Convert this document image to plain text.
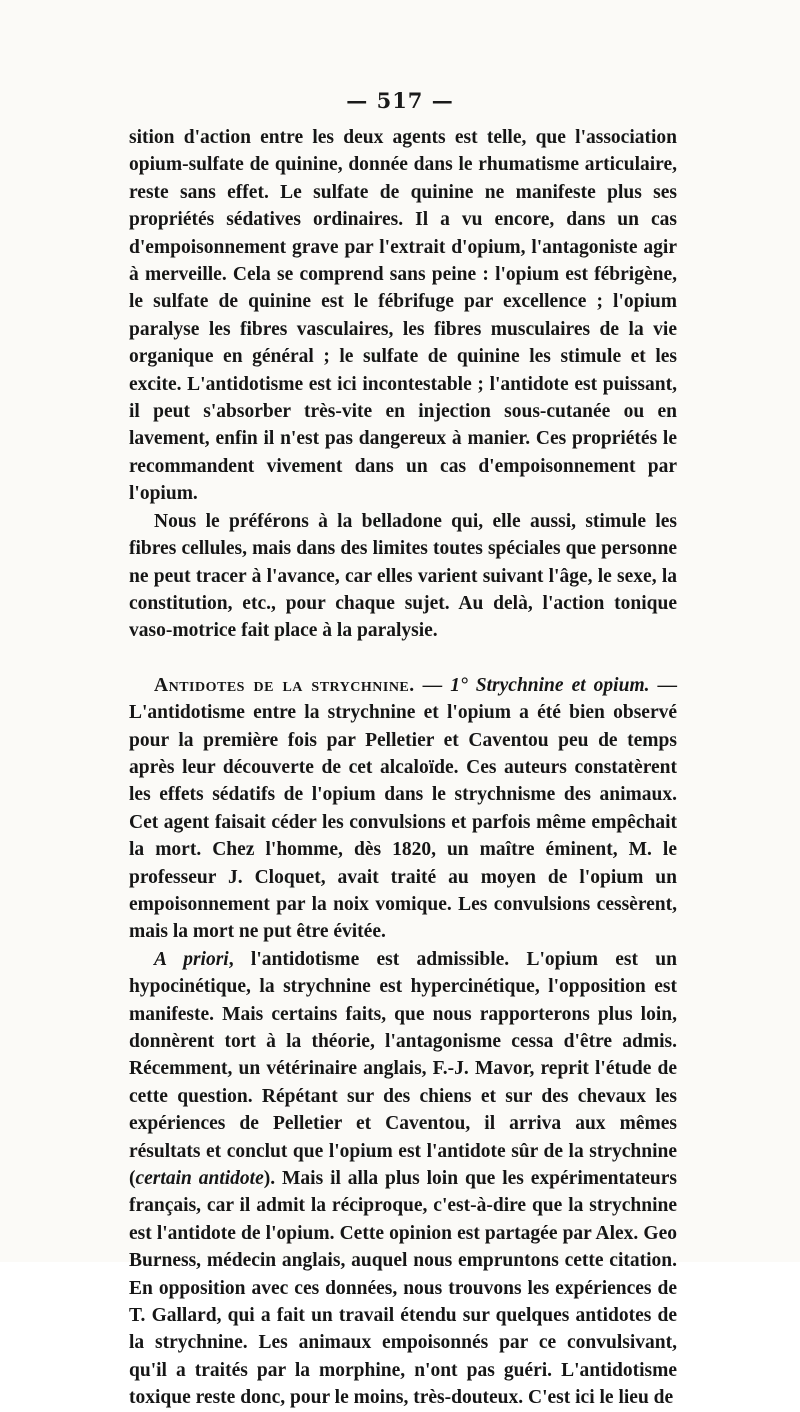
— 517 —

sition d'action entre les deux agents est telle, que l'association opium-sulfate de quinine, donnée dans le rhumatisme articulaire, reste sans effet. Le sulfate de quinine ne manifeste plus ses propriétés sédatives ordinaires. Il a vu encore, dans un cas d'empoisonnement grave par l'extrait d'opium, l'antagoniste agir à merveille. Cela se comprend sans peine : l'opium est fébrigène, le sulfate de quinine est le fébrifuge par excellence ; l'opium paralyse les fibres vasculaires, les fibres musculaires de la vie organique en général ; le sulfate de quinine les stimule et les excite. L'antidotisme est ici incontestable ; l'antidote est puissant, il peut s'absorber très-vite en injection sous-cutanée ou en lavement, enfin il n'est pas dangereux à manier. Ces propriétés le recommandent vivement dans un cas d'empoisonnement par l'opium.

Nous le préférons à la belladone qui, elle aussi, stimule les fibres cellules, mais dans des limites toutes spéciales que personne ne peut tracer à l'avance, car elles varient suivant l'âge, le sexe, la constitution, etc., pour chaque sujet. Au delà, l'action tonique vaso-motrice fait place à la paralysie.

Antidotes de la strychnine. — 1° Strychnine et opium. — L'antidotisme entre la strychnine et l'opium a été bien observé pour la première fois par Pelletier et Caventou peu de temps après leur découverte de cet alcaloïde. Ces auteurs constatèrent les effets sédatifs de l'opium dans le strychnisme des animaux. Cet agent faisait céder les convulsions et parfois même empêchait la mort. Chez l'homme, dès 1820, un maître éminent, M. le professeur J. Cloquet, avait traité au moyen de l'opium un empoisonnement par la noix vomique. Les convulsions cessèrent, mais la mort ne put être évitée.

A priori, l'antidotisme est admissible. L'opium est un hypocinétique, la strychnine est hypercinétique, l'opposition est manifeste. Mais certains faits, que nous rapporterons plus loin, donnèrent tort à la théorie, l'antagonisme cessa d'être admis. Récemment, un vétérinaire anglais, F.-J. Mavor, reprit l'étude de cette question. Répétant sur des chiens et sur des chevaux les expériences de Pelletier et Caventou, il arriva aux mêmes résultats et conclut que l'opium est l'antidote sûr de la strychnine (certain antidote). Mais il alla plus loin que les expérimentateurs français, car il admit la réciproque, c'est-à-dire que la strychnine est l'antidote de l'opium. Cette opinion est partagée par Alex. Geo Burness, médecin anglais, auquel nous empruntons cette citation. En opposition avec ces données, nous trouvons les expériences de T. Gallard, qui a fait un travail étendu sur quelques antidotes de la strychnine. Les animaux empoisonnés par ce convulsivant, qu'il a traités par la morphine, n'ont pas guéri. L'antidotisme toxique reste donc, pour le moins, très-douteux. C'est ici le lieu de
